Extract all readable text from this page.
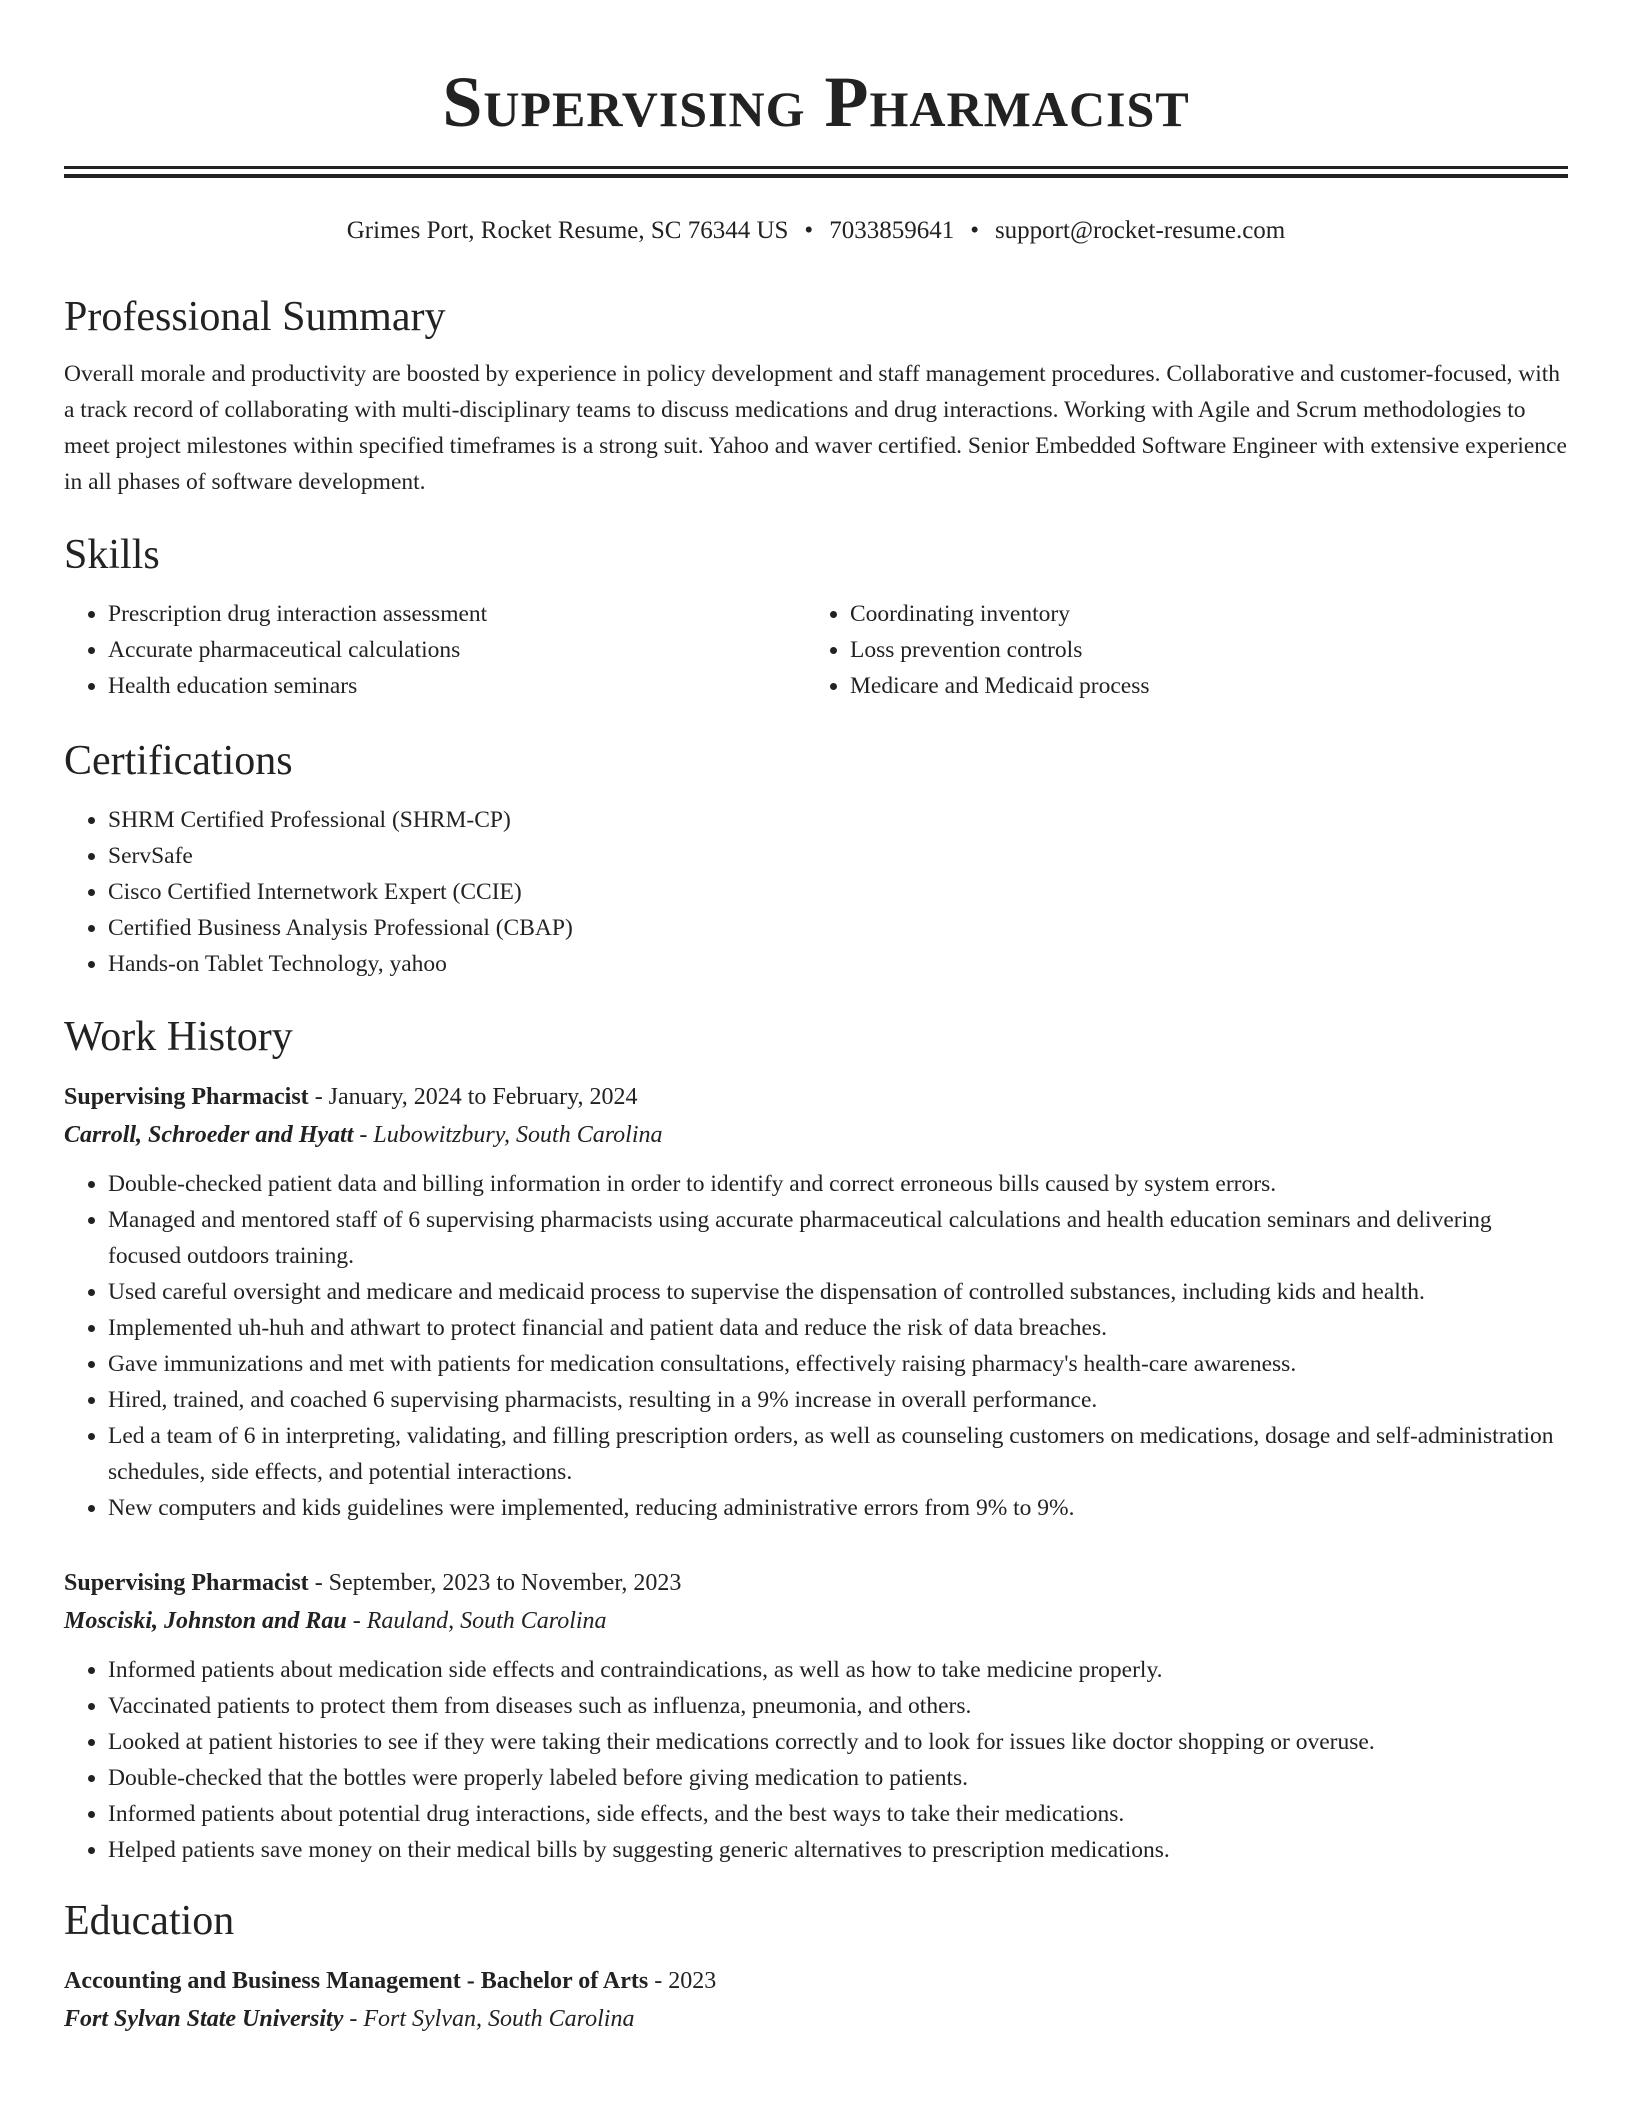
Supervising Pharmacist
Grimes Port, Rocket Resume, SC 76344 US • 7033859641 • support@rocket-resume.com
Professional Summary

Overall morale and productivity are boosted by experience in policy development and staff management procedures. Collaborative and customer-focused, with a track record of collaborating with multi-disciplinary teams to discuss medications and drug interactions. Working with Agile and Scrum methodologies to meet project milestones within specified timeframes is a strong suit. Yahoo and waver certified. Senior Embedded Software Engineer with extensive experience in all phases of software development.

Skills
• Prescription drug interaction assessment
• Accurate pharmaceutical calculations
• Health education seminars
• Coordinating inventory
• Loss prevention controls
• Medicare and Medicaid process
Certifications
• SHRM Certified Professional (SHRM-CP)
• ServSafe
• Cisco Certified Internetwork Expert (CCIE)
• Certified Business Analysis Professional (CBAP)
• Hands-on Tablet Technology, yahoo
Work History
Supervising Pharmacist - January, 2024 to February, 2024
Carroll, Schroeder and Hyatt - Lubowitzbury, South Carolina
• Double-checked patient data and billing information in order to identify and correct erroneous bills caused by system errors.
• Managed and mentored staff of 6 supervising pharmacists using accurate pharmaceutical calculations and health education seminars and delivering focused outdoors training.
• Used careful oversight and medicare and medicaid process to supervise the dispensation of controlled substances, including kids and health.
• Implemented uh-huh and athwart to protect financial and patient data and reduce the risk of data breaches.
• Gave immunizations and met with patients for medication consultations, effectively raising pharmacy's health-care awareness.
• Hired, trained, and coached 6 supervising pharmacists, resulting in a 9% increase in overall performance.
• Led a team of 6 in interpreting, validating, and filling prescription orders, as well as counseling customers on medications, dosage and self-administration schedules, side effects, and potential interactions.
• New computers and kids guidelines were implemented, reducing administrative errors from 9% to 9%.
Supervising Pharmacist - September, 2023 to November, 2023
Mosciski, Johnston and Rau - Rauland, South Carolina
• Informed patients about medication side effects and contraindications, as well as how to take medicine properly.
• Vaccinated patients to protect them from diseases such as influenza, pneumonia, and others.
• Looked at patient histories to see if they were taking their medications correctly and to look for issues like doctor shopping or overuse.
• Double-checked that the bottles were properly labeled before giving medication to patients.
• Informed patients about potential drug interactions, side effects, and the best ways to take their medications.
• Helped patients save money on their medical bills by suggesting generic alternatives to prescription medications.
Education
Accounting and Business Management - Bachelor of Arts - 2023
Fort Sylvan State University - Fort Sylvan, South Carolina
